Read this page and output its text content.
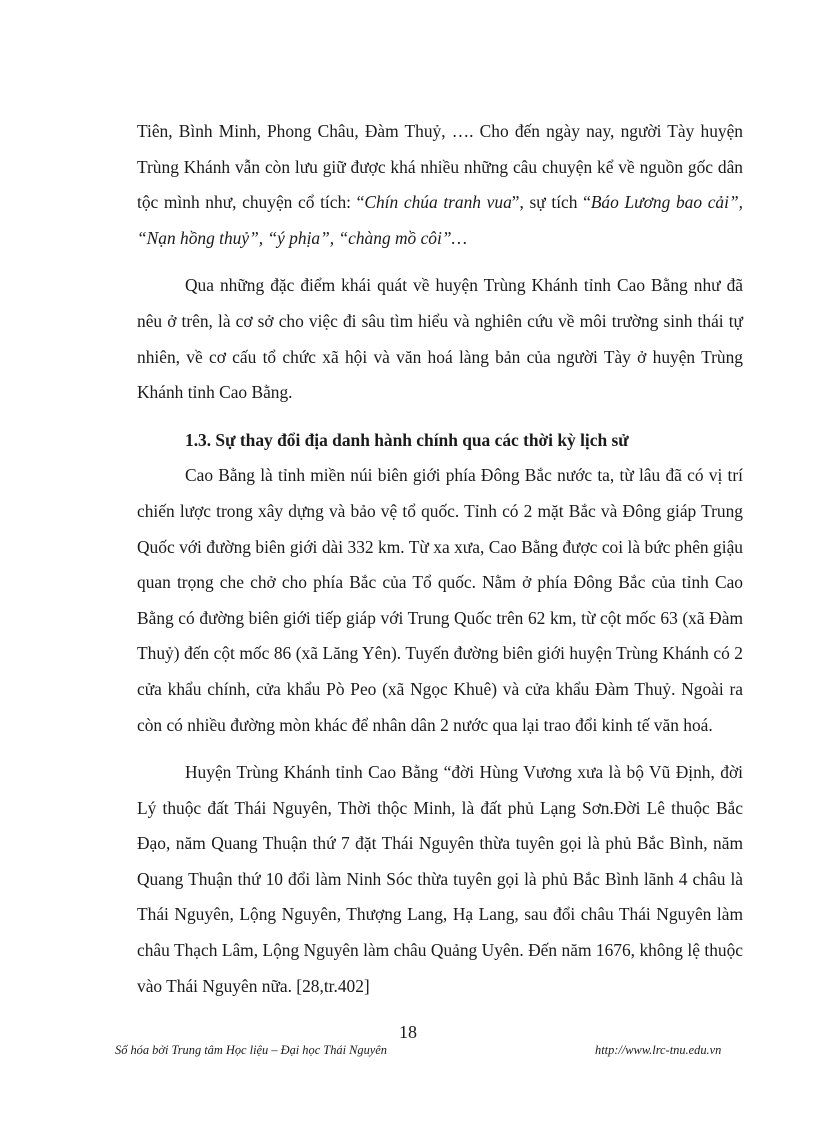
Tiên, Bình Minh, Phong Châu, Đàm Thuỷ, …. Cho đến ngày nay, người Tày huyện Trùng Khánh vẫn còn lưu giữ được khá nhiều những câu chuyện kể về nguồn gốc dân tộc mình như, chuyện cổ tích: “Chín chúa tranh vua”, sự tích “Báo Lương bao cải”, “Nạn hồng thuỷ”, “ý phịa”, “chàng mồ côi”…

Qua những đặc điểm khái quát về huyện Trùng Khánh tỉnh Cao Bằng như đã nêu ở trên, là cơ sở cho việc đi sâu tìm hiểu và nghiên cứu về môi trường sinh thái tự nhiên, về cơ cấu tổ chức xã hội và văn hoá làng bản của người Tày ở huyện Trùng Khánh tỉnh Cao Bằng.

1.3. Sự thay đổi địa danh hành chính qua các thời kỳ lịch sử

Cao Bằng là tỉnh miền núi biên giới phía Đông Bắc nước ta, từ lâu đã có vị trí chiến lược trong xây dựng và bảo vệ tổ quốc. Tỉnh có 2 mặt Bắc và Đông giáp Trung Quốc với đường biên giới dài 332 km. Từ xa xưa, Cao Bằng được coi là bức phên giậu quan trọng che chở cho phía Bắc của Tổ quốc. Nằm ở phía Đông Bắc của tỉnh Cao Bằng có đường biên giới tiếp giáp với Trung Quốc trên 62 km, từ cột mốc 63 (xã Đàm Thuỷ) đến cột mốc 86 (xã Lăng Yên). Tuyến đường biên giới huyện Trùng Khánh có 2 cửa khẩu chính, cửa khẩu Pò Peo (xã Ngọc Khuê) và cửa khẩu Đàm Thuỷ. Ngoài ra còn có nhiều đường mòn khác để nhân dân 2 nước qua lại trao đổi kinh tế văn hoá.

Huyện Trùng Khánh tỉnh Cao Bằng “đời Hùng Vương xưa là bộ Vũ Định, đời Lý thuộc đất Thái Nguyên, Thời thộc Minh, là đất phủ Lạng Sơn.Đời Lê thuộc Bắc Đạo, năm Quang Thuận thứ 7 đặt Thái Nguyên thừa tuyên gọi là phủ Bắc Bình, năm Quang Thuận thứ 10 đổi làm Ninh Sóc thừa tuyên gọi là phủ Bắc Bình lãnh 4 châu là Thái Nguyên, Lộng Nguyên, Thượng Lang, Hạ Lang, sau đổi châu Thái Nguyên làm châu Thạch Lâm, Lộng Nguyên làm châu Quảng Uyên. Đến năm 1676, không lệ thuộc vào Thái Nguyên nữa. [28,tr.402]

18
Số hóa bởi Trung tâm Học liệu – Đại học Thái Nguyên	http://www.lrc-tnu.edu.vn
